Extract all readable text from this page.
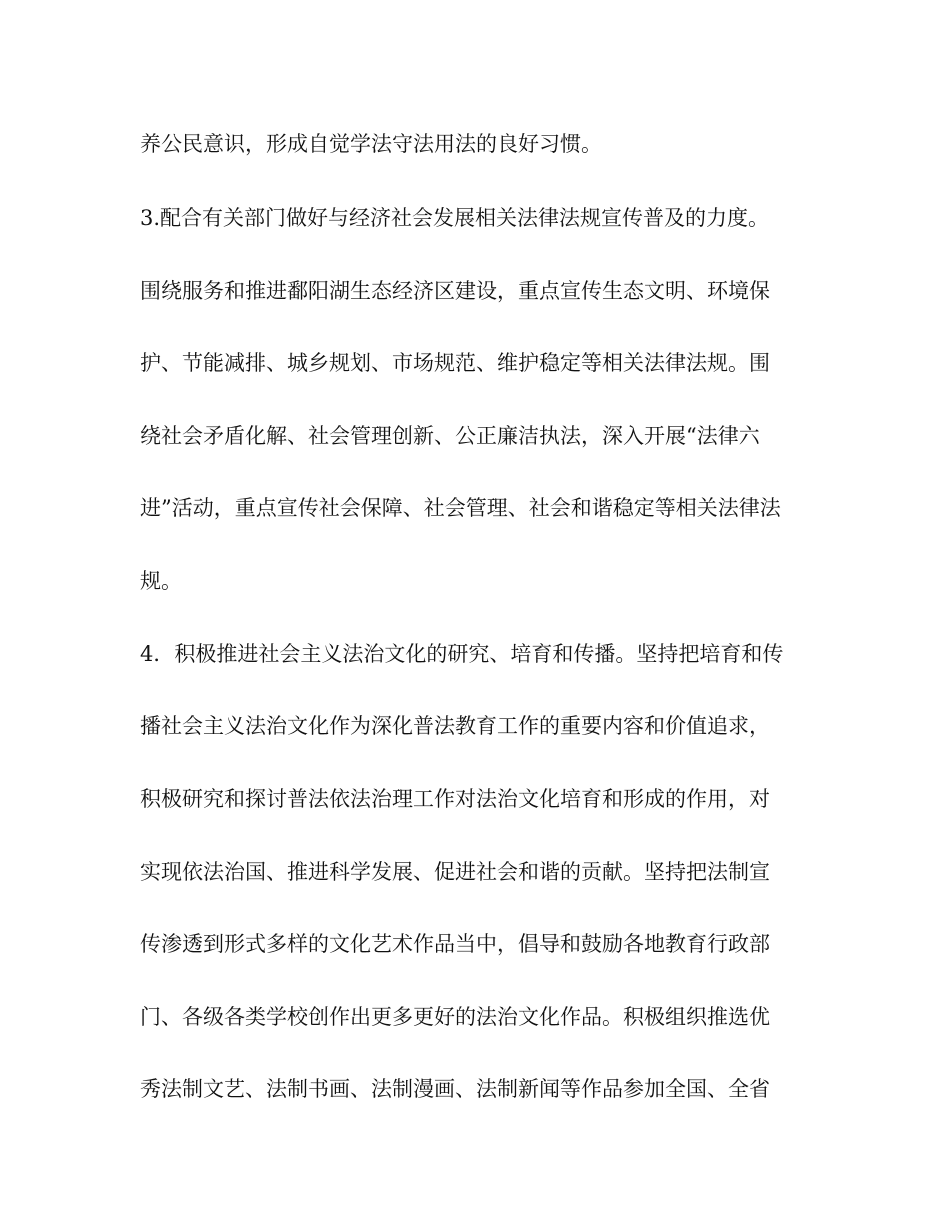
养公民意识，形成自觉学法守法用法的良好习惯。
3.配合有关部门做好与经济社会发展相关法律法规宣传普及的力度。
围绕服务和推进鄱阳湖生态经济区建设，重点宣传生态文明、环境保
护、节能减排、城乡规划、市场规范、维护稳定等相关法律法规。围
绕社会矛盾化解、社会管理创新、公正廉洁执法，深入开展“法律六
进”活动，重点宣传社会保障、社会管理、社会和谐稳定等相关法律法
规。
4．积极推进社会主义法治文化的研究、培育和传播。坚持把培育和传
播社会主义法治文化作为深化普法教育工作的重要内容和价值追求，
积极研究和探讨普法依法治理工作对法治文化培育和形成的作用，对
实现依法治国、推进科学发展、促进社会和谐的贡献。坚持把法制宣
传渗透到形式多样的文化艺术作品当中，倡导和鼓励各地教育行政部
门、各级各类学校创作出更多更好的法治文化作品。积极组织推选优
秀法制文艺、法制书画、法制漫画、法制新闻等作品参加全国、全省
